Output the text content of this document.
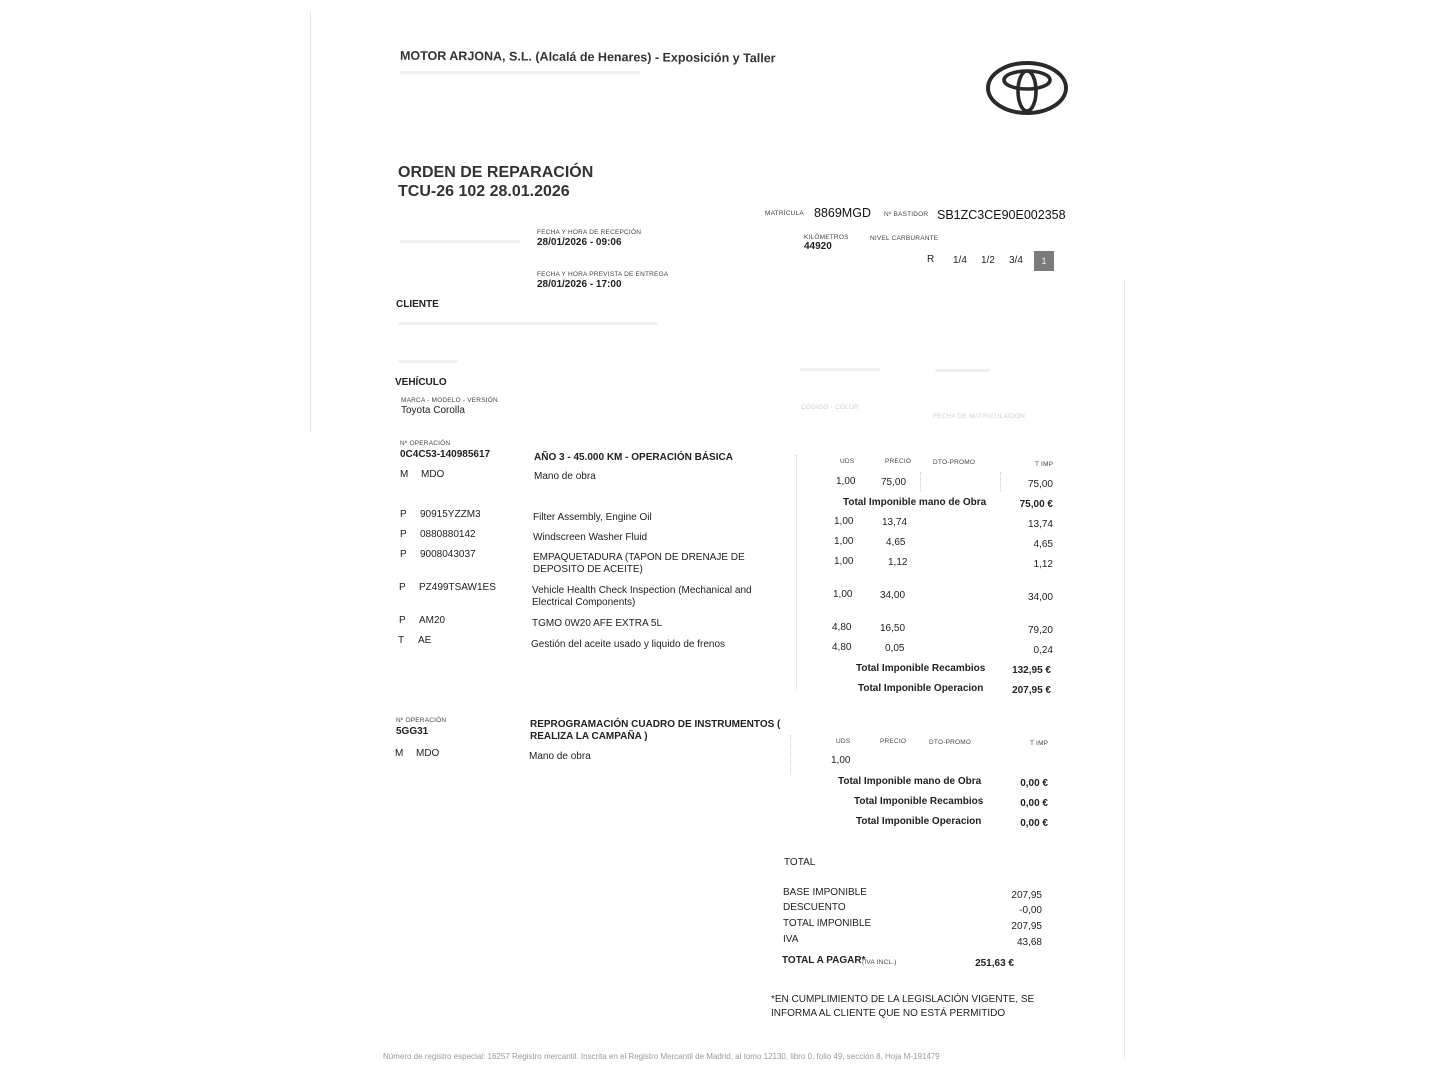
MOTOR ARJONA, S.L. (Alcalá de Henares) - Exposición y Taller
ORDEN DE REPARACIÓN
TCU-26 102 28.01.2026
MATRÍCULA 8869MGD Nº BASTIDOR SB1ZC3CE90E002358
FECHA Y HORA DE RECEPCIÓN
28/01/2026 - 09:06
FECHA Y HORA PREVISTA DE ENTREGA
28/01/2026 - 17:00
KILÓMETROS
44920
NIVEL CARBURANTE
R 1/4 1/2 3/4	1
CLIENTE
VEHÍCULO
MARCA - MODELO - VERSIÓN
Toyota Corolla	CÓDIGO - COLOR
FECHA DE MATRICULACIÓN
Nº OPERACIÓN
0C4C53-140985617	AÑO 3 - 45.000 KM - OPERACIÓN BÁSICA	UDS	PRECIO	DTO-PROMO	T IMP
M MDO	Mano de obra	1,00	75,00	75,00
Total Imponible mano de Obra	75,00 €
P 90915YZZM3	Filter Assembly, Engine Oil	1,00	13,74	13,74
P 0880880142	Windscreen Washer Fluid	1,00	4,65	4,65
P 9008043037	EMPAQUETADURA (TAPON DE DRENAJE DE
DEPOSITO DE ACEITE)
1,00	1,12	1,12
P PZ499TSAW1ES	Vehicle Health Check Inspection (Mechanical and
Electrical Components)
1,00	34,00	34,00
P AM20	TGMO 0W20 AFE EXTRA 5L	4,80	16,50	79,20
T AE	Gestión del aceite usado y liquido de frenos	4,80	0,05	0,24
Total Imponible Recambios	132,95 €
Total Imponible Operacion	207,95 €
Nº OPERACIÓN
5GG31
REPROGRAMACIÓN CUADRO DE INSTRUMENTOS (
REALIZA LA CAMPAÑA )	UDS	PRECIO	DTO-PROMO	T IMP
M MDO	Mano de obra	1,00
Total Imponible mano de Obra	0,00 €
Total Imponible Recambios	0,00 €
Total Imponible Operacion	0,00 €
TOTAL
BASE IMPONIBLE	207,95
DESCUENTO	-0,00
TOTAL IMPONIBLE	207,95
IVA	43,68
TOTAL A PAGAR*
(IVA INCL.)	251,63 €
*EN CUMPLIMIENTO DE LA LEGISLACIÓN VIGENTE, SE
INFORMA AL CLIENTE QUE NO ESTÁ PERMITIDO
Número de registro especial: 16257 Registro mercantil. Inscrita en el Registro Mercantil de Madrid, al tomo 12130, libro 0, folio 49, sección 8, Hoja M-191479
